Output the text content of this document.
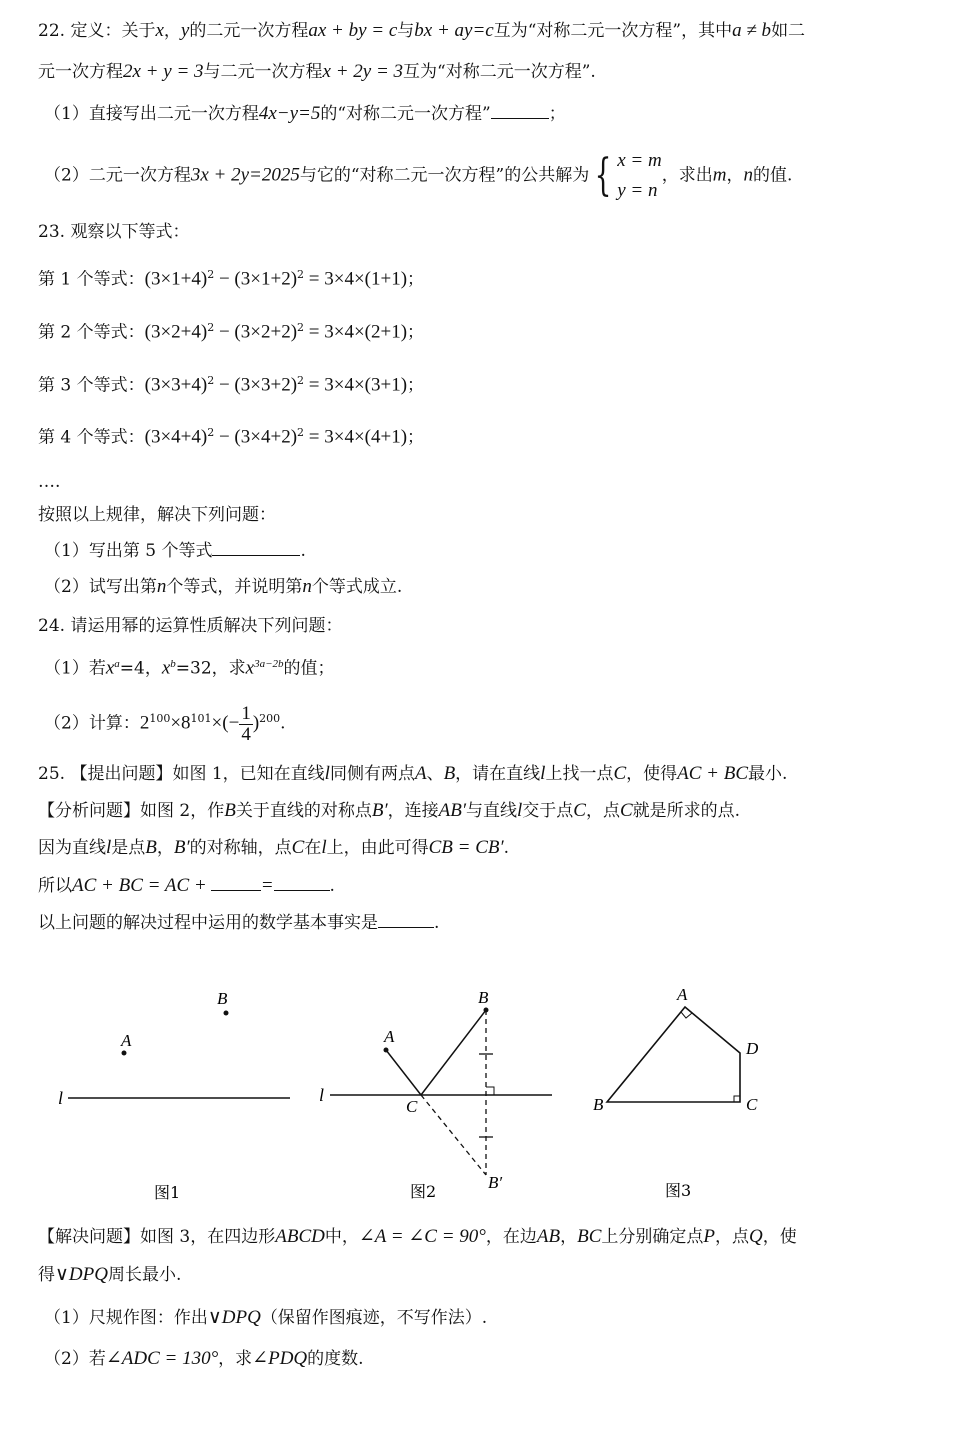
22. 定义：关于x，y的二元一次方程ax + by = c与bx + ay=c互为“对称二元一次方程”，其中a ≠ b如二
元一次方程2x + y = 3与二元一次方程x + 2y = 3互为“对称二元一次方程”.
（1）直接写出二元一次方程4x−y=5的“对称二元一次方程”	；
（2）二元一次方程3x + 2y=2025与它的“对称二元一次方程”的公共解为 { x = m
y = n
，求出m，n的值.
23. 观察以下等式：
第 1 个等式：$(3\times 1+4)^2 - (3\times 1+2)^2 = 3\times 4\times(1+1)$；
第 2 个等式：$(3\times 2+4)^2 - (3\times 2+2)^2 = 3\times 4\times(2+1)$；
第 3 个等式：$(3\times 3+4)^2 - (3\times 3+2)^2 = 3\times 4\times(3+1)$；
第 4 个等式：$(3\times 4+4)^2 - (3\times 4+2)^2 = 3\times 4\times(4+1)$；
….
按照以上规律，解决下列问题：
（1）写出第 5 个等式	.
（2）试写出第n个等式，并说明第n个等式成立.
24. 请运用幂的运算性质解决下列问题：
（1）若$x^a=4$，$x^b=32$，求$x^{3a-2b}$的值；
（2）计算：$2^{100}\times 8^{101}\times(- \frac{1}{4} )^{200}$.
25. 【提出问题】如图 1，已知在直线l同侧有两点A、B，请在直线l上找一点C，使得AC + BC最小.
【分析问题】如图 2，作B关于直线的对称点B′，连接AB′与直线l交于点C，点C就是所求的点.
因为直线l是点B，B′的对称轴，点C在l上，由此可得CB = CB′.
所以AC + BC = AC +	=	.
以上问题的解决过程中运用的数学基本事实是	.
l
A
B
图1
l
A
B
C
B′
图2
A
B	C
D
图3
【解决问题】如图 3，在四边形ABCD中，∠A = ∠C = 90°，在边AB，BC上分别确定点P，点Q，使
得∨DPQ周长最小.
（1）尺规作图：作出∨DPQ（保留作图痕迹，不写作法）.
（2）若∠ADC = 130°，求∠PDQ的度数.
